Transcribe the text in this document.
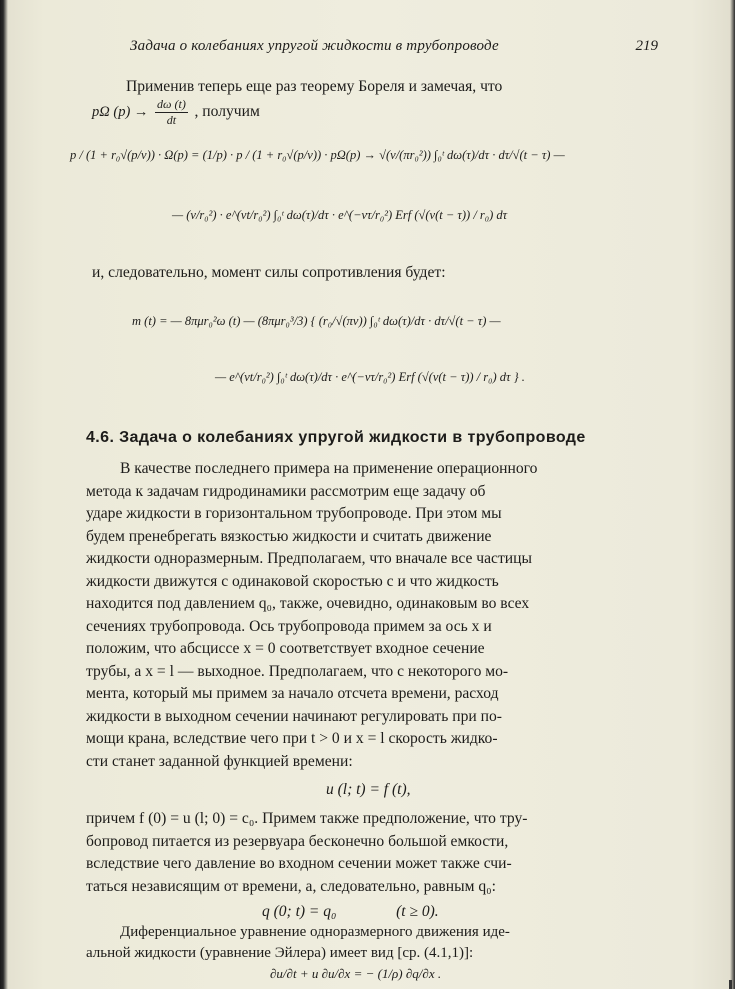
Задача о колебаниях упругой жидкости в трубопроводе	219
Применив теперь еще раз теорему Бореля и замечая, что
pΩ $(p) \to \frac{d\omega (t)}{dt}$ , получим
p / (1 + r₀√(p/ν)) · Ω(p) = (1/p) · p / (1 + r₀√(p/ν)) · pΩ(p) → √(ν/(πr₀²)) ∫₀ᵗ dω(τ)/dτ · dτ/√(t − τ) —
— (ν/r₀²) · e^(νt/r₀²) ∫₀ᵗ dω(τ)/dτ · e^(−ντ/r₀²) Erf (√(ν(t − τ)) / r₀) dτ
и, следовательно, момент силы сопротивления будет:
m (t) = — 8πμr₀²ω (t) — (8πμr₀³/3) { (r₀/√(πν)) ∫₀ᵗ dω(τ)/dτ · dτ/√(t − τ) —
— e^(νt/r₀²) ∫₀ᵗ dω(τ)/dτ · e^(−ντ/r₀²) Erf (√(ν(t − τ)) / r₀) dτ } .
4.6. Задача о колебаниях упругой жидкости в трубопроводе
В качестве последнего примера на применение операционного
метода к задачам гидродинамики рассмотрим еще задачу об
ударе жидкости в горизонтальном трубопроводе. При этом мы
будем пренебрегать вязкостью жидкости и считать движение
жидкости одноразмерным. Предполагаем, что вначале все частицы
жидкости движутся с одинаковой скоростью c и что жидкость
находится под давлением q₀, также, очевидно, одинаковым во всех
сечениях трубопровода. Ось трубопровода примем за ось x и
положим, что абсциссе x = 0 соответствует входное сечение
трубы, а x = l — выходное. Предполагаем, что с некоторого мо-
мента, который мы примем за начало отсчета времени, расход
жидкости в выходном сечении начинают регулировать при по-
мощи крана, вследствие чего при t > 0 и x = l скорость жидко-
сти станет заданной функцией времени:
u (l; t) = f (t),
причем f (0) = u (l; 0) = c₀. Примем также предположение, что тру-
бопровод питается из резервуара бесконечно большой емкости,
вследствие чего давление во входном сечении может также счи-
таться независящим от времени, а, следовательно, равным q₀:
q (0; t) = q₀	(t ≥ 0).
Диференциальное уравнение одноразмерного движения иде-
альной жидкости (уравнение Эйлера) имеет вид [ср. (4.1,1)]:
∂u/∂t + u ∂u/∂x = − (1/ρ) ∂q/∂x .
